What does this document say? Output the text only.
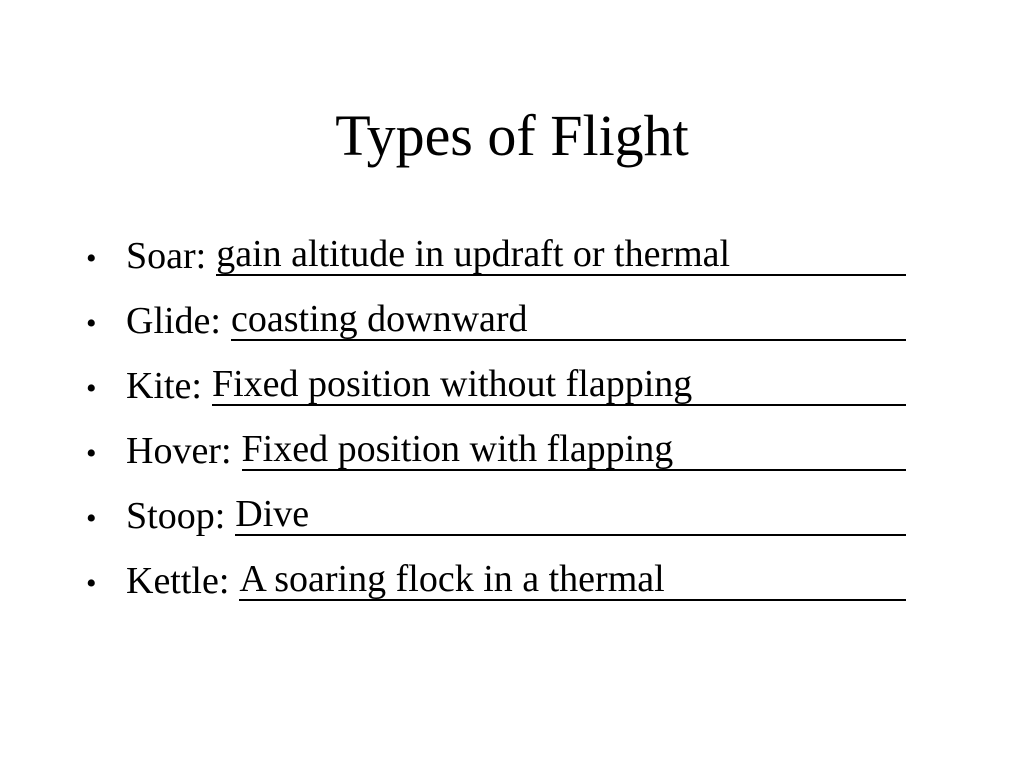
Types of Flight
• Soar: gain altitude in updraft or thermal
• Glide: coasting downward
• Kite: Fixed position without flapping
• Hover: Fixed position with flapping
• Stoop: Dive
• Kettle: A soaring flock in a thermal
